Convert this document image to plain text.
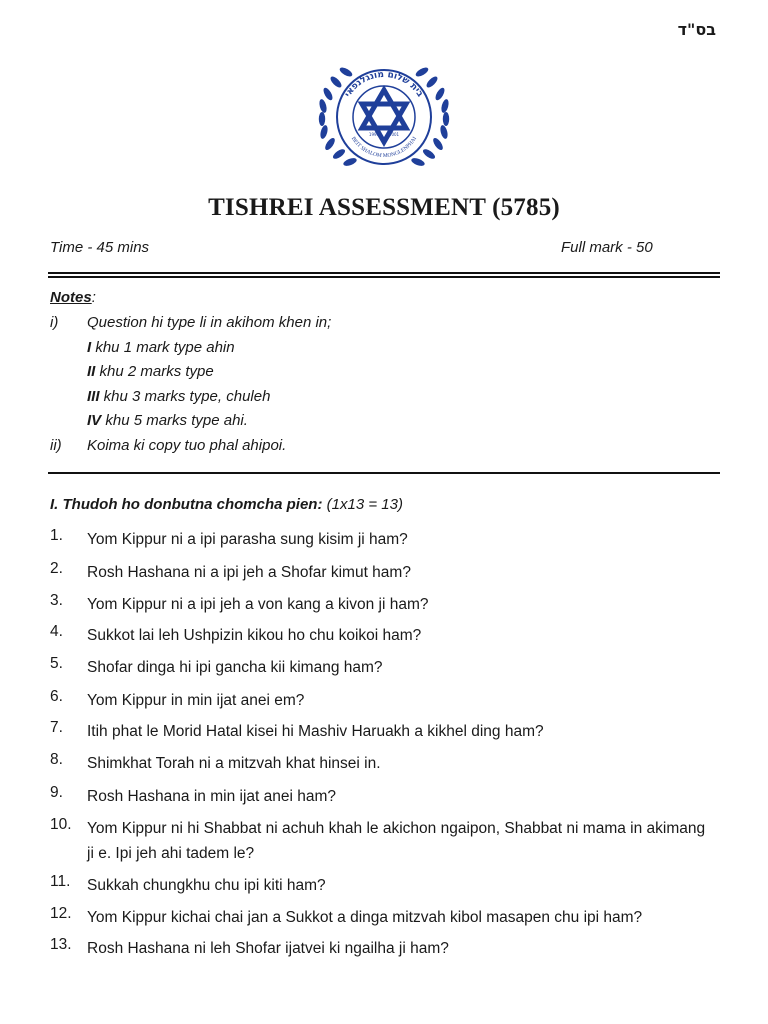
בס"ד
בית שלום מונגלנפאי
BEIT SHALOM MONGLENPHAI
1999 2001
TISHREI ASSESSMENT (5785)
Time - 45 mins	Full mark - 50
Notes:
i) Question hi type li in akihom khen in;
I khu 1 mark type ahin
II khu 2 marks type
III khu 3 marks type, chuleh
IV khu 5 marks type ahi.
ii) Koima ki copy tuo phal ahipoi.
I. Thudoh ho donbutna chomcha pien: (1x13 = 13)
1. Yom Kippur ni a ipi parasha sung kisim ji ham?
2. Rosh Hashana ni a ipi jeh a Shofar kimut ham?
3. Yom Kippur ni a ipi jeh a von kang a kivon ji ham?
4. Sukkot lai leh Ushpizin kikou ho chu koikoi ham?
5. Shofar dinga hi ipi gancha kii kimang ham?
6. Yom Kippur in min ijat anei em?
7. Itih phat le Morid Hatal kisei hi Mashiv Haruakh a kikhel ding ham?
8. Shimkhat Torah ni a mitzvah khat hinsei in.
9. Rosh Hashana in min ijat anei ham?
10. Yom Kippur ni hi Shabbat ni achuh khah le akichon ngaipon, Shabbat ni mama in akimang ji e. Ipi jeh ahi tadem le?
11. Sukkah chungkhu chu ipi kiti ham?
12. Yom Kippur kichai chai jan a Sukkot a dinga mitzvah kibol masapen chu ipi ham?
13. Rosh Hashana ni leh Shofar ijatvei ki ngailha ji ham?
